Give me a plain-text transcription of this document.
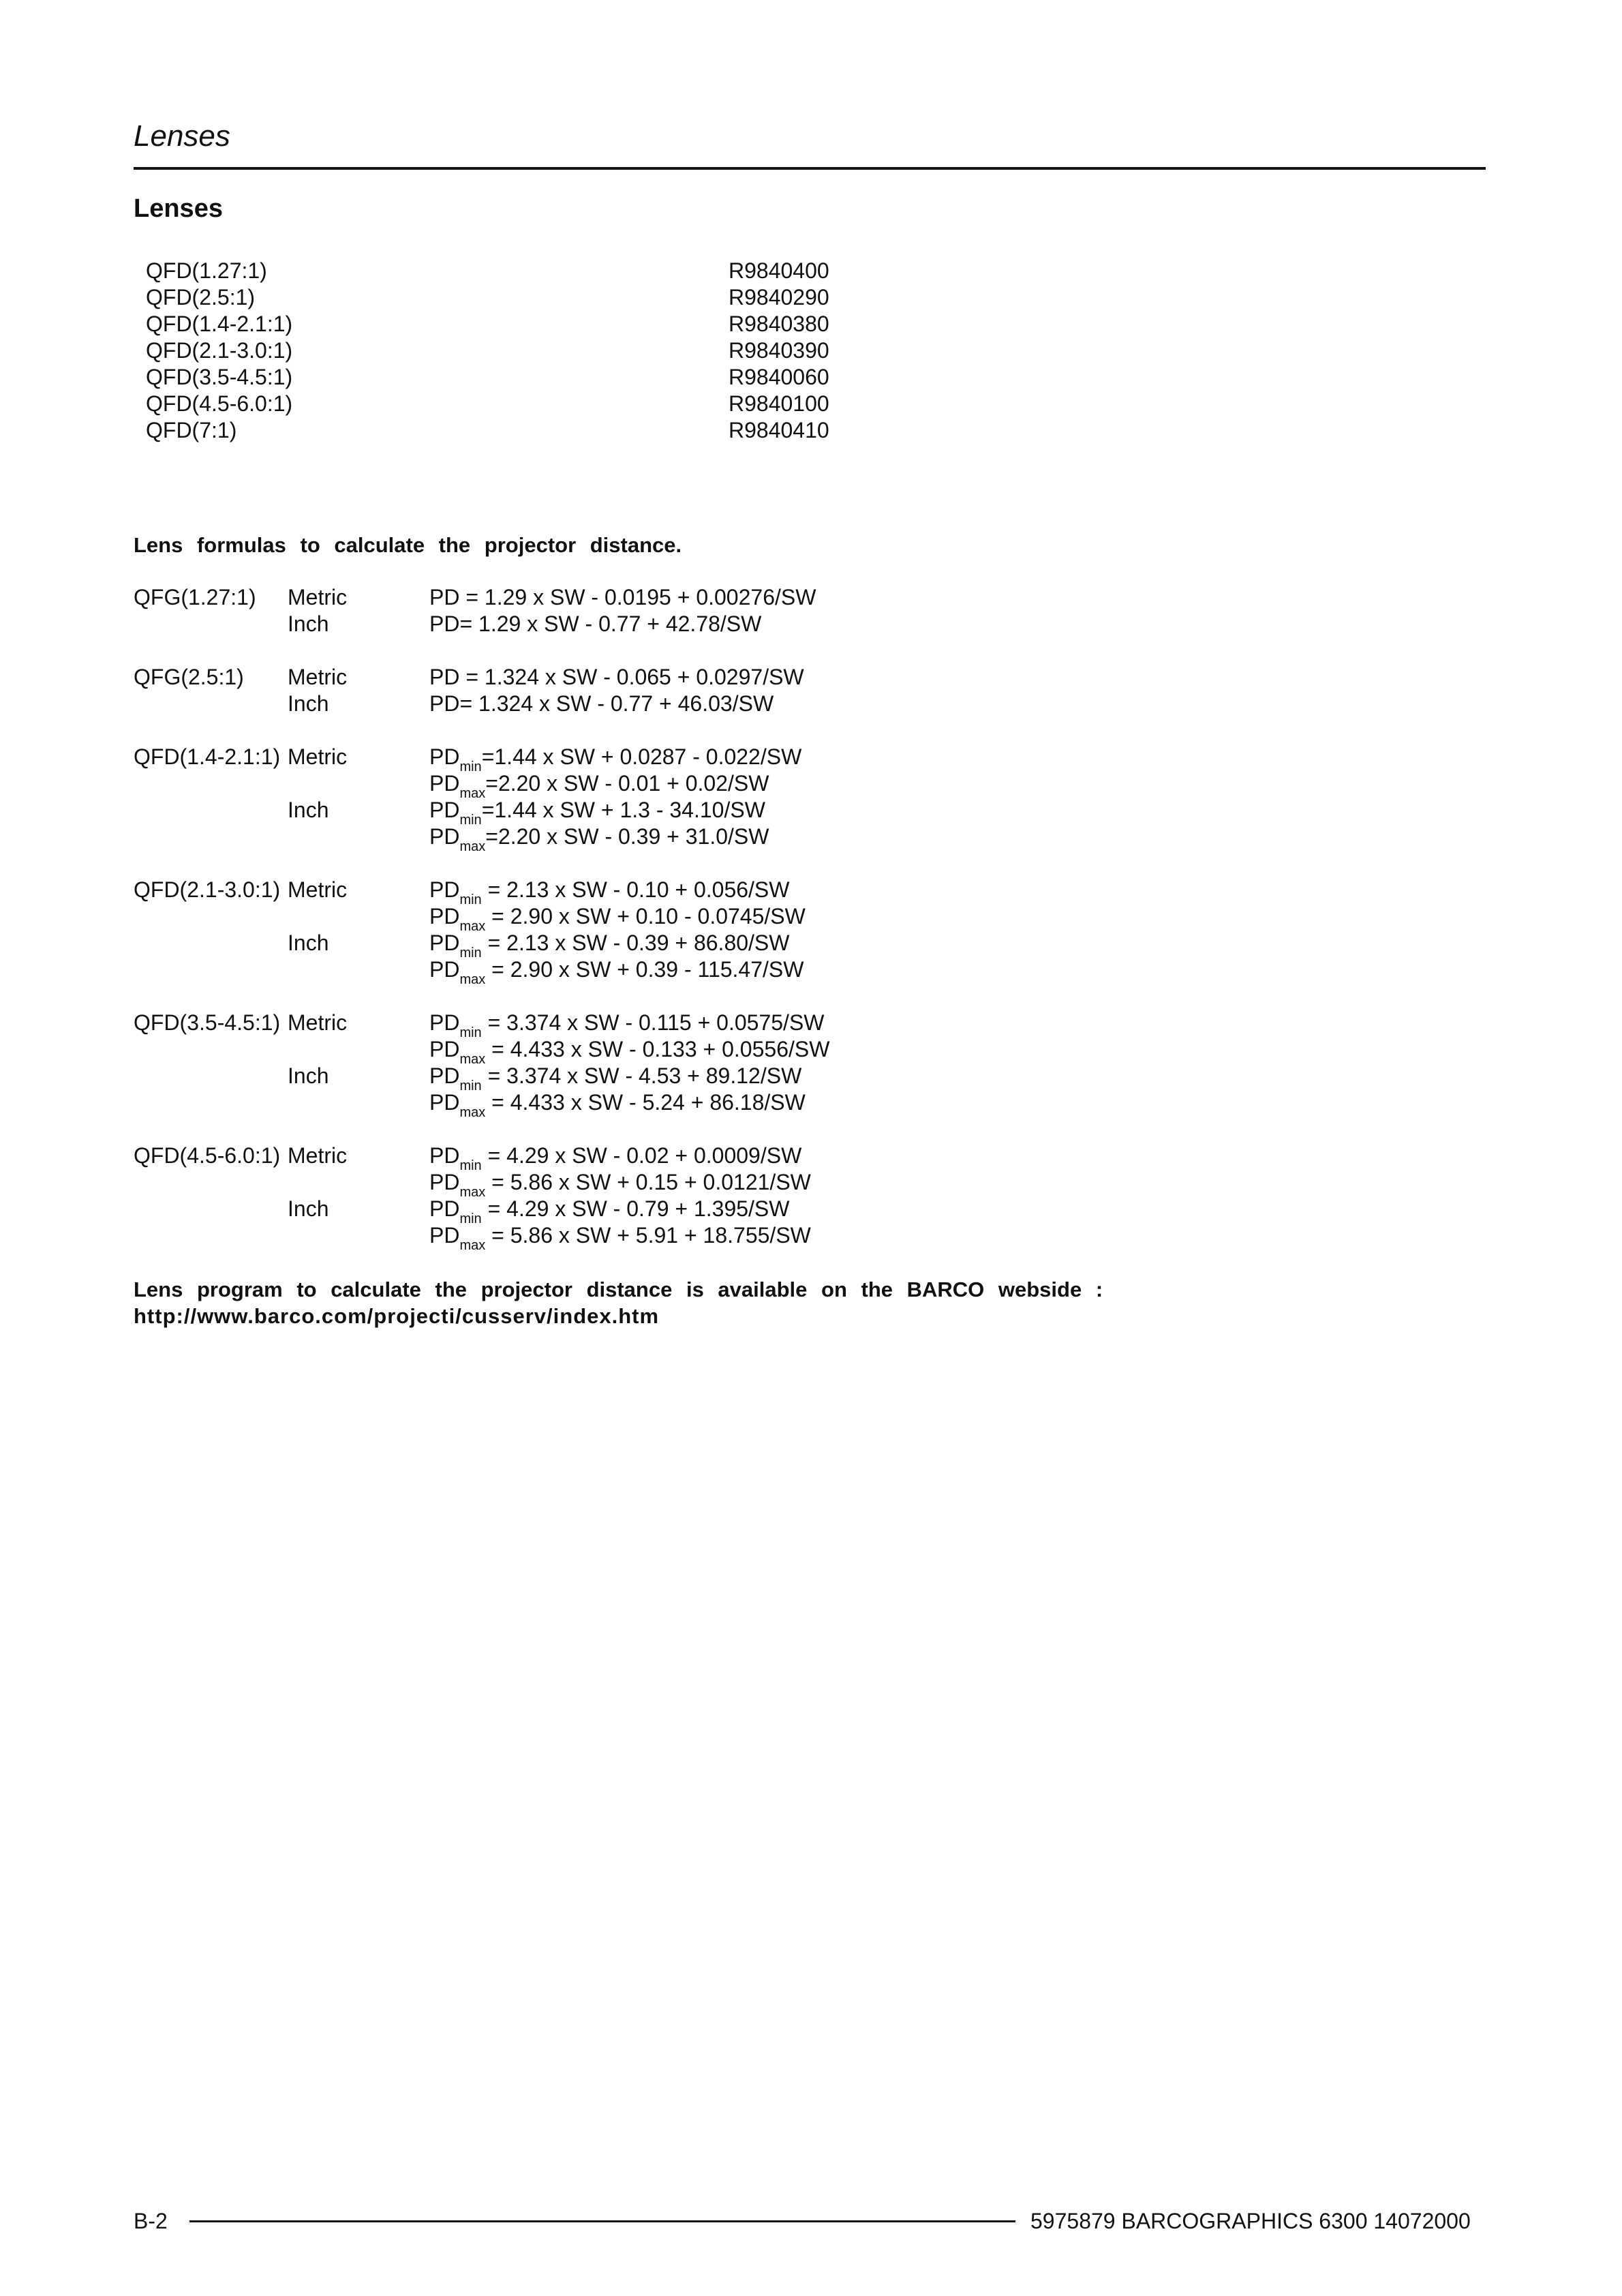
Lenses
Lenses
QFD(1.27:1)	R9840400
QFD(2.5:1)	R9840290
QFD(1.4-2.1:1)	R9840380
QFD(2.1-3.0:1)	R9840390
QFD(3.5-4.5:1)	R9840060
QFD(4.5-6.0:1)	R9840100
QFD(7:1)	R9840410
Lens formulas to calculate the projector distance.
QFG(1.27:1) Metric	PD = 1.29 x SW - 0.0195 + 0.00276/SW
Inch	PD= 1.29 x SW - 0.77 + 42.78/SW
QFG(2.5:1) Metric	PD = 1.324 x SW - 0.065 + 0.0297/SW
Inch	PD= 1.324 x SW - 0.77 + 46.03/SW
QFD(1.4-2.1:1) Metric	$PD_{min}=1.44$ x SW + 0.0287 - 0.022/SW
$PD_{max}=2.20$ x SW - 0.01 + 0.02/SW
Inch	$PD_{min}=1.44$ x SW + 1.3 - 34.10/SW
$PD_{max}=2.20$ x SW - 0.39 + 31.0/SW
QFD(2.1-3.0:1) Metric	$PD_{min} = 2.13$ x SW - 0.10 + 0.056/SW
$PD_{max} = 2.90$ x SW + 0.10 - 0.0745/SW
Inch	$PD_{min} = 2.13$ x SW - 0.39 + 86.80/SW
$PD_{max} = 2.90$ x SW + 0.39 - 115.47/SW
QFD(3.5-4.5:1) Metric	$PD_{min} = 3.374$ x SW - 0.115 + 0.0575/SW
$PD_{max} = 4.433$ x SW - 0.133 + 0.0556/SW
Inch	$PD_{min} = 3.374$ x SW - 4.53 + 89.12/SW
$PD_{max} = 4.433$ x SW - 5.24 + 86.18/SW
QFD(4.5-6.0:1) Metric	$PD_{min} = 4.29$ x SW - 0.02 + 0.0009/SW
$PD_{max} = 5.86$ x SW + 0.15 + 0.0121/SW
Inch	$PD_{min} = 4.29$ x SW - 0.79 + 1.395/SW
$PD_{max} = 5.86$ x SW + 5.91 + 18.755/SW
Lens program to calculate the projector distance is available on the BARCO webside :
http://www.barco.com/projecti/cusserv/index.htm
B-2	5975879 BARCOGRAPHICS 6300 14072000
